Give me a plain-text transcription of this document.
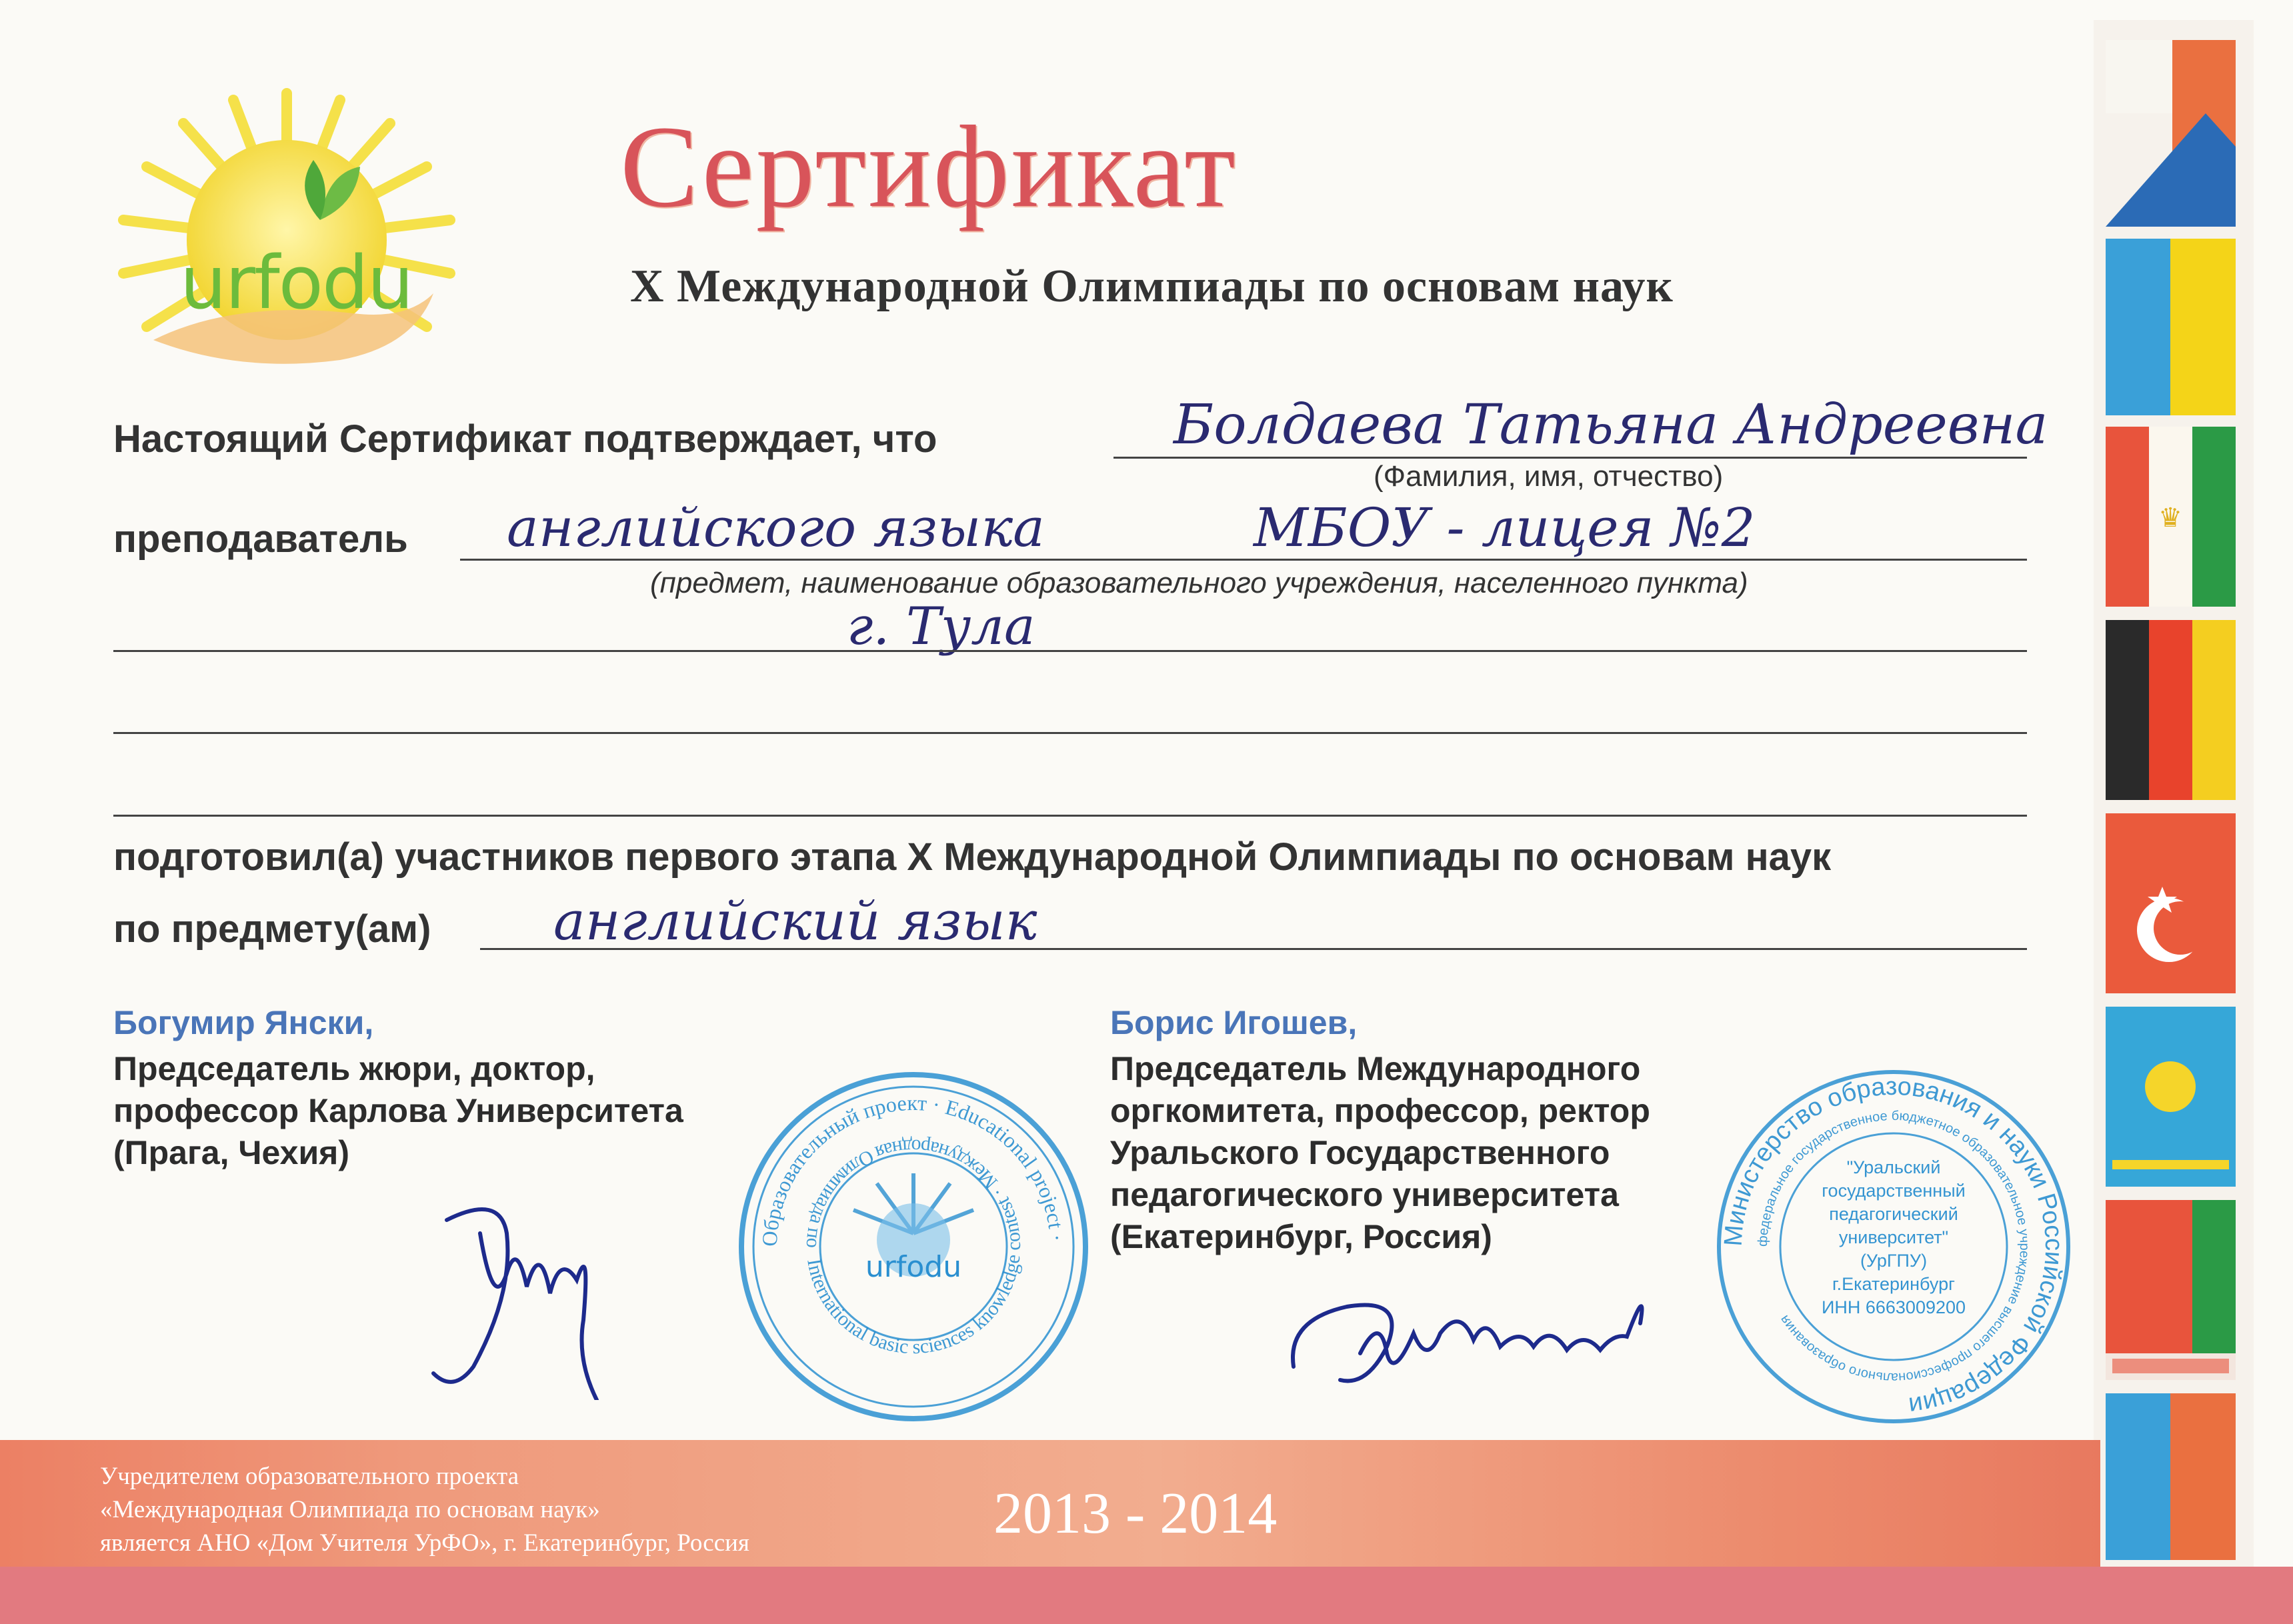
urfodu
Сертификат
X Международной Олимпиады по основам наук
Настоящий Сертификат подтверждает, что	Болдаева Татьяна Андреевна
(Фамилия, имя, отчество)
преподаватель английского языка	МБОУ - лицея №2
(предмет, наименование образовательного учреждения, населенного пункта)
г. Тула
подготовил(а) участников первого этапа X Международной Олимпиады по основам наук
по предмету(ам) английский язык
Богумир Янски,
Председатель жюри, доктор,
профессор Карлова Университета
(Прага, Чехия)
Образовательный проект · Educational project ·
International basic sciences knowledge contest · Международная Олимпиада по
urfodu
Борис Игошев,
Председатель Международного
оргкомитета, профессор, ректор
Уральского Государственного
педагогического университета
(Екатеринбург, Россия)	Министерство образования и науки Российской Федерации
федеральное государственное бюджетное образовательное учреждение высшего профессионального образования
"Уральский
государственный
педагогический
университет"
(УрГПУ)
г.Екатеринбург
ИНН 6663009200
♛
Учредителем образовательного проекта
«Международная Олимпиада по основам наук»
является АНО «Дом Учителя УрФО», г. Екатеринбург, Россия	2013 - 2014
